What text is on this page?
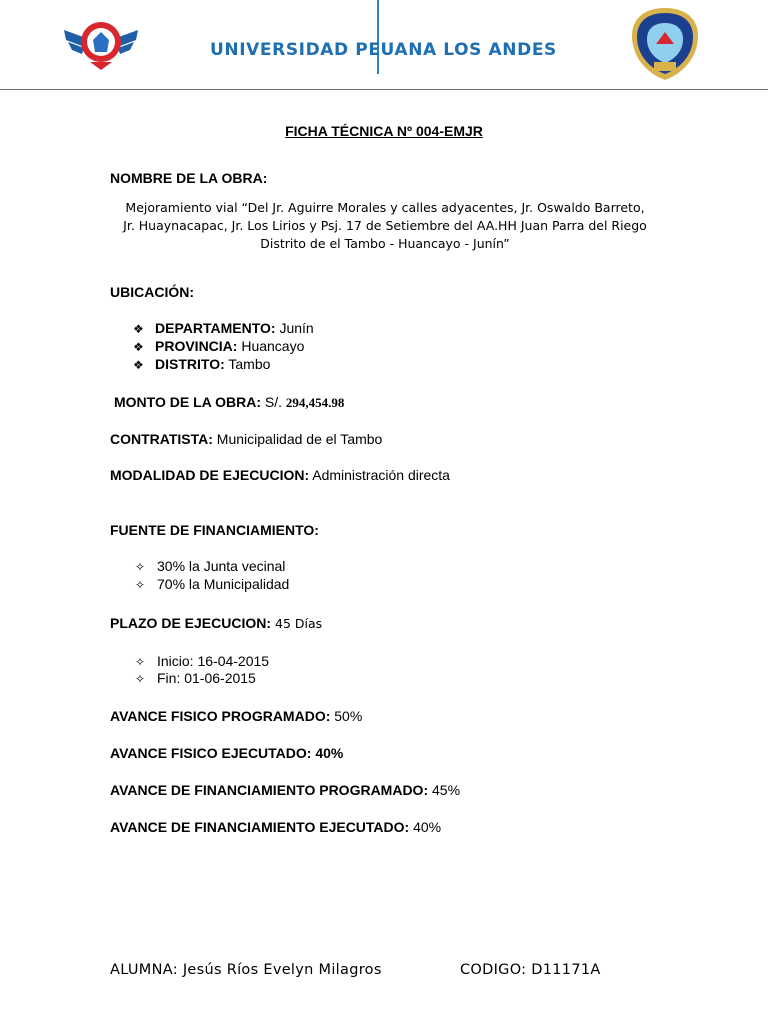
UNIVERSIDAD PEUANA LOS ANDES
FICHA TÉCNICA Nº 004-EMJR
NOMBRE DE LA OBRA:
Mejoramiento vial “Del Jr. Aguirre Morales y calles adyacentes, Jr. Oswaldo Barreto,
Jr. Huaynacapac, Jr. Los Lirios y Psj. 17 de Setiembre del AA.HH Juan Parra del Riego
Distrito de el Tambo - Huancayo - Junín”
UBICACIÓN:
❖ DEPARTAMENTO: Junín
❖ PROVINCIA: Huancayo
❖ DISTRITO: Tambo
MONTO DE LA OBRA: S/. 294,454.98
CONTRATISTA: Municipalidad de el Tambo
MODALIDAD DE EJECUCION: Administración directa
FUENTE DE FINANCIAMIENTO:
✧ 30% la Junta vecinal
✧ 70% la Municipalidad
PLAZO DE EJECUCION: 45 Días
✧ Inicio: 16-04-2015
✧ Fin: 01-06-2015
AVANCE FISICO PROGRAMADO: 50%
AVANCE FISICO EJECUTADO: 40%
AVANCE DE FINANCIAMIENTO PROGRAMADO: 45%
AVANCE DE FINANCIAMIENTO EJECUTADO: 40%
ALUMNA: Jesús Ríos Evelyn Milagros	CODIGO: D11171A
